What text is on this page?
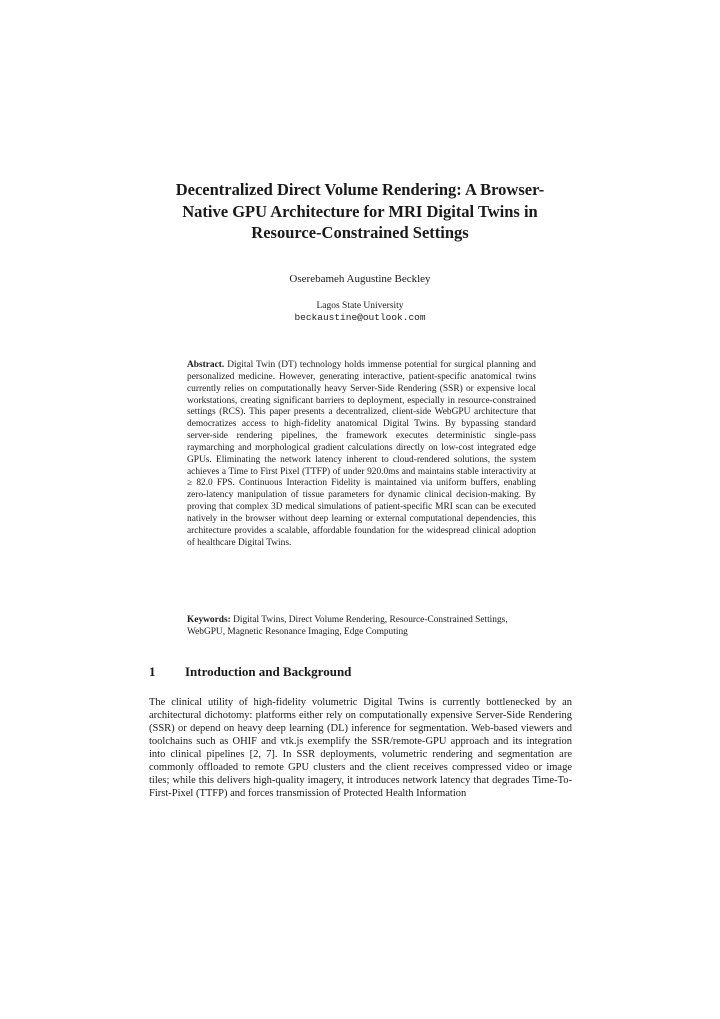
Decentralized Direct Volume Rendering: A Browser-
Native GPU Architecture for MRI Digital Twins in
Resource-Constrained Settings
Oserebameh Augustine Beckley
Lagos State University
beckaustine@outlook.com
Abstract. Digital Twin (DT) technology holds immense potential for surgical planning and personalized medicine. However, generating interactive, patient-specific anatomical twins currently relies on computationally heavy Server-Side Rendering (SSR) or expensive local workstations, creating significant barriers to deployment, especially in resource-constrained settings (RCS). This paper presents a decentralized, client-side WebGPU architecture that democratizes access to high-fidelity anatomical Digital Twins. By bypassing standard server-side rendering pipelines, the framework executes deterministic single-pass raymarching and morphological gradient calculations directly on low-cost integrated edge GPUs. Eliminating the network latency inherent to cloud-rendered solutions, the system achieves a Time to First Pixel (TTFP) of under 920.0ms and maintains stable interactivity at ≥ 82.0 FPS. Continuous Interaction Fidelity is maintained via uniform buffers, enabling zero-latency manipulation of tissue parameters for dynamic clinical decision-making. By proving that complex 3D medical simulations of patient-specific MRI scan can be executed natively in the browser without deep learning or external computational dependencies, this architecture provides a scalable, affordable foundation for the widespread clinical adoption of healthcare Digital Twins.
Keywords: Digital Twins, Direct Volume Rendering, Resource-Constrained Settings, WebGPU, Magnetic Resonance Imaging, Edge Computing
1 Introduction and Background
The clinical utility of high-fidelity volumetric Digital Twins is currently bottlenecked by an architectural dichotomy: platforms either rely on computationally expensive Server-Side Rendering (SSR) or depend on heavy deep learning (DL) inference for segmentation. Web-based viewers and toolchains such as OHIF and vtk.js exemplify the SSR/remote-GPU approach and its integration into clinical pipelines [2, 7]. In SSR deployments, volumetric rendering and segmentation are commonly offloaded to remote GPU clusters and the client receives compressed video or image tiles; while this delivers high-quality imagery, it introduces network latency that degrades Time-To-First-Pixel (TTFP) and forces transmission of Protected Health Information
